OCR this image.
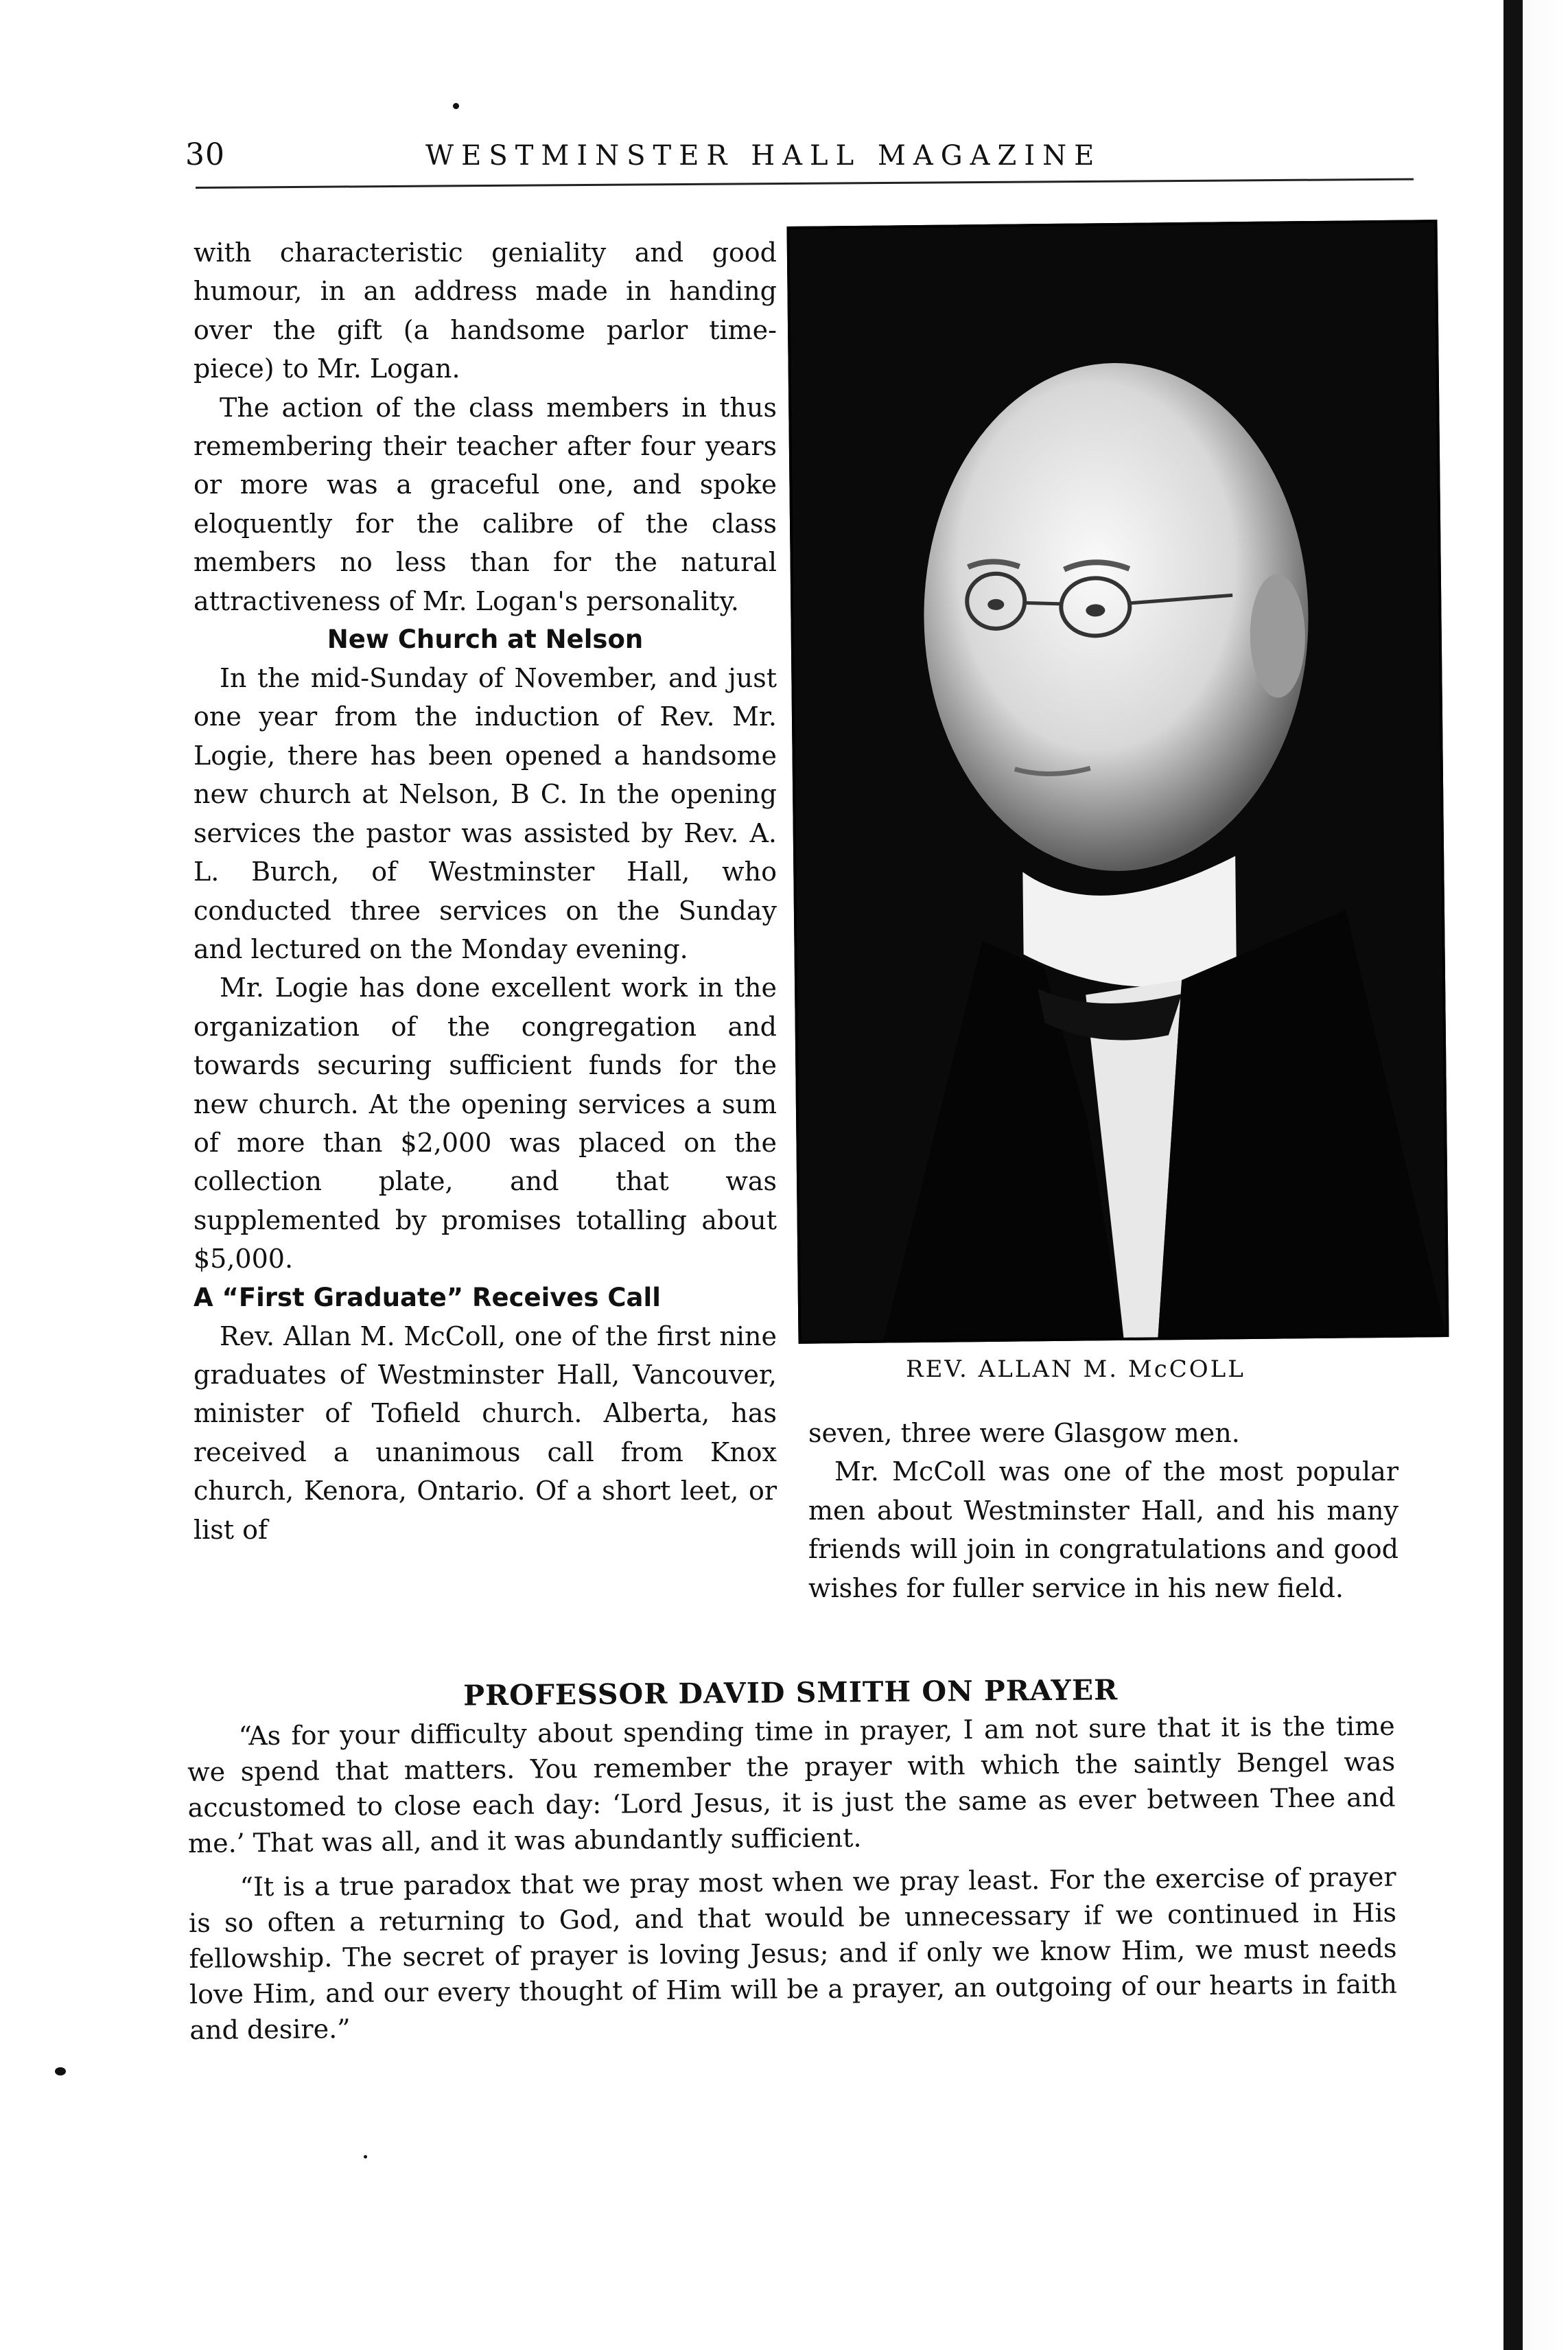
30	WESTMINSTER HALL MAGAZINE

with characteristic geniality and good humour, in an address made in handing over the gift (a handsome parlor time-piece) to Mr. Logan.

The action of the class members in thus remembering their teacher after four years or more was a graceful one, and spoke eloquently for the calibre of the class members no less than for the natural attractiveness of Mr. Logan's personality.

New Church at Nelson

In the mid-Sunday of November, and just one year from the induction of Rev. Mr. Logie, there has been opened a handsome new church at Nelson, B C. In the opening services the pastor was assisted by Rev. A. L. Burch, of Westminster Hall, who conducted three services on the Sunday and lectured on the Monday evening.

Mr. Logie has done excellent work in the organization of the congregation and towards securing sufficient funds for the new church. At the opening services a sum of more than $2,000 was placed on the collection plate, and that was supplemented by promises totalling about $5,000.

A “First Graduate” Receives Call

Rev. Allan M. McColl, one of the first nine graduates of Westminster Hall, Vancouver, minister of Tofield church. Alberta, has received a unanimous call from Knox church, Kenora, Ontario. Of a short leet, or list of

REV. ALLAN M. McCOLL

seven, three were Glasgow men.

Mr. McColl was one of the most popular men about Westminster Hall, and his many friends will join in congratulations and good wishes for fuller service in his new field.

PROFESSOR DAVID SMITH ON PRAYER

“As for your difficulty about spending time in prayer, I am not sure that it is the time we spend that matters. You remember the prayer with which the saintly Bengel was accustomed to close each day: ‘Lord Jesus, it is just the same as ever between Thee and me.’ That was all, and it was abundantly sufficient.

“It is a true paradox that we pray most when we pray least. For the exercise of prayer is so often a returning to God, and that would be unnecessary if we continued in His fellowship. The secret of prayer is loving Jesus; and if only we know Him, we must needs love Him, and our every thought of Him will be a prayer, an outgoing of our hearts in faith and desire.”
